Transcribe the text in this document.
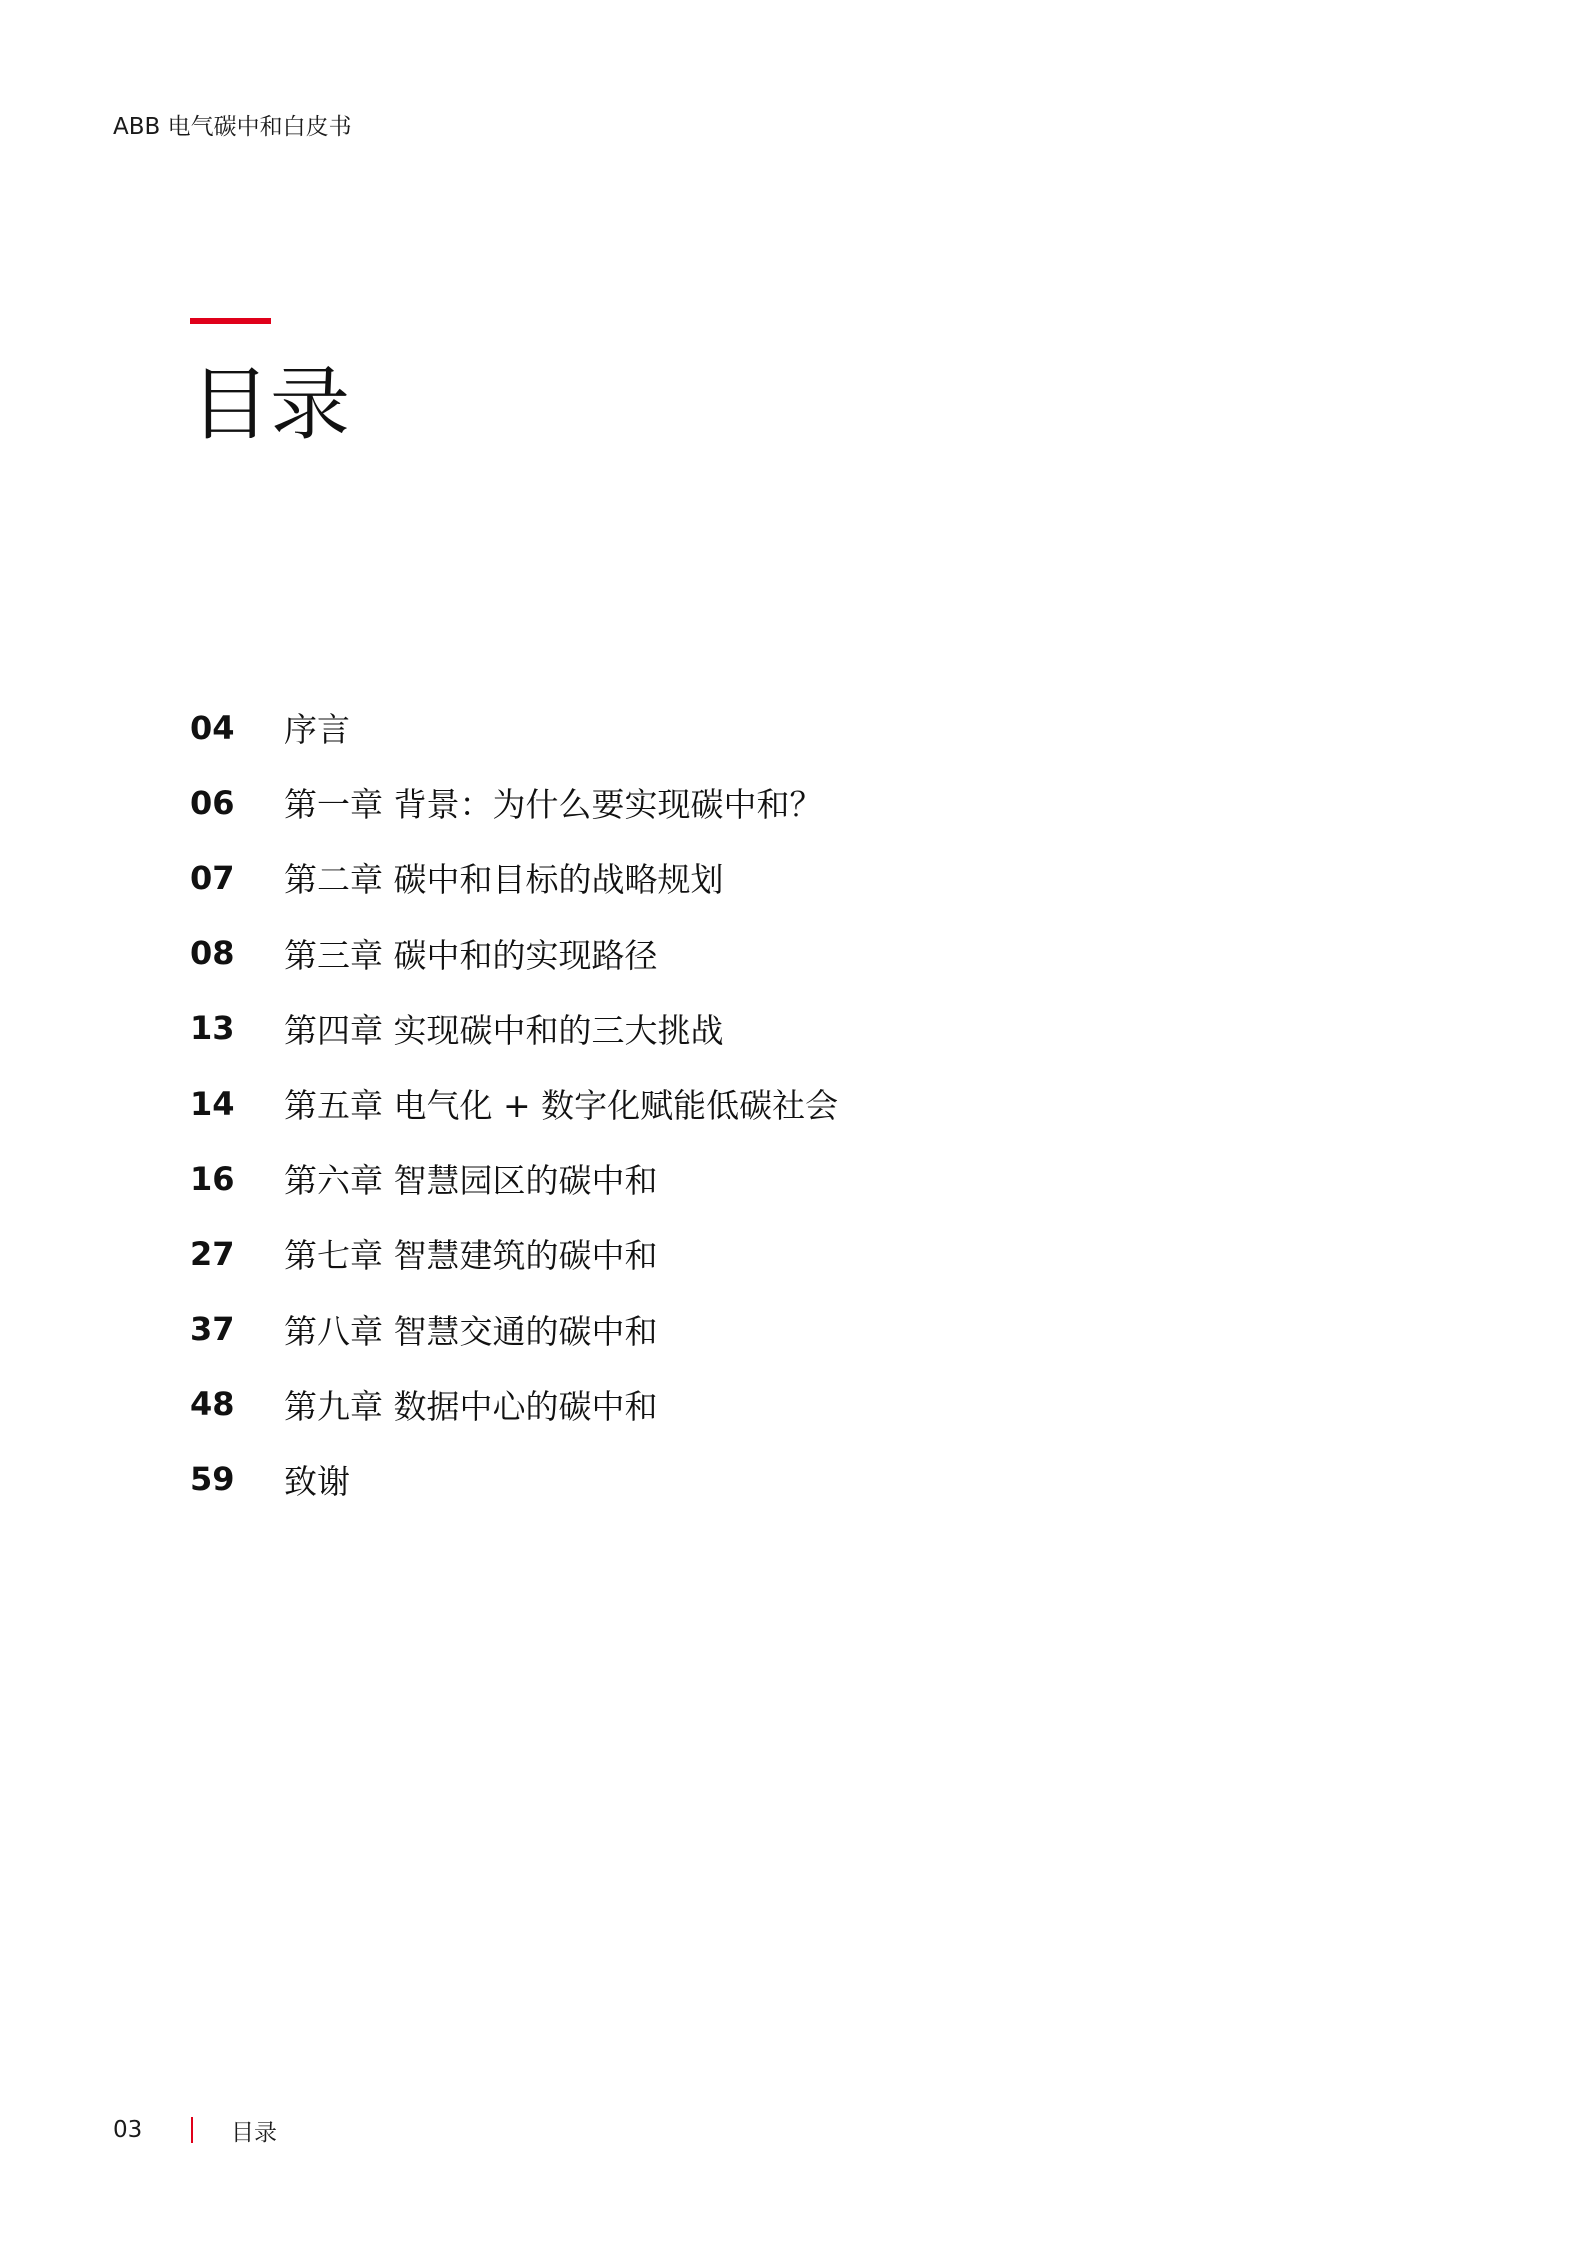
ABB 电气碳中和白皮书
目录
04	序言
06	第一章 背景：为什么要实现碳中和？
07	第二章 碳中和目标的战略规划
08	第三章 碳中和的实现路径
13	第四章 实现碳中和的三大挑战
14	第五章 电气化 + 数字化赋能低碳社会
16	第六章 智慧园区的碳中和
27	第七章 智慧建筑的碳中和
37	第八章 智慧交通的碳中和
48	第九章 数据中心的碳中和
59	致谢
03	目录
